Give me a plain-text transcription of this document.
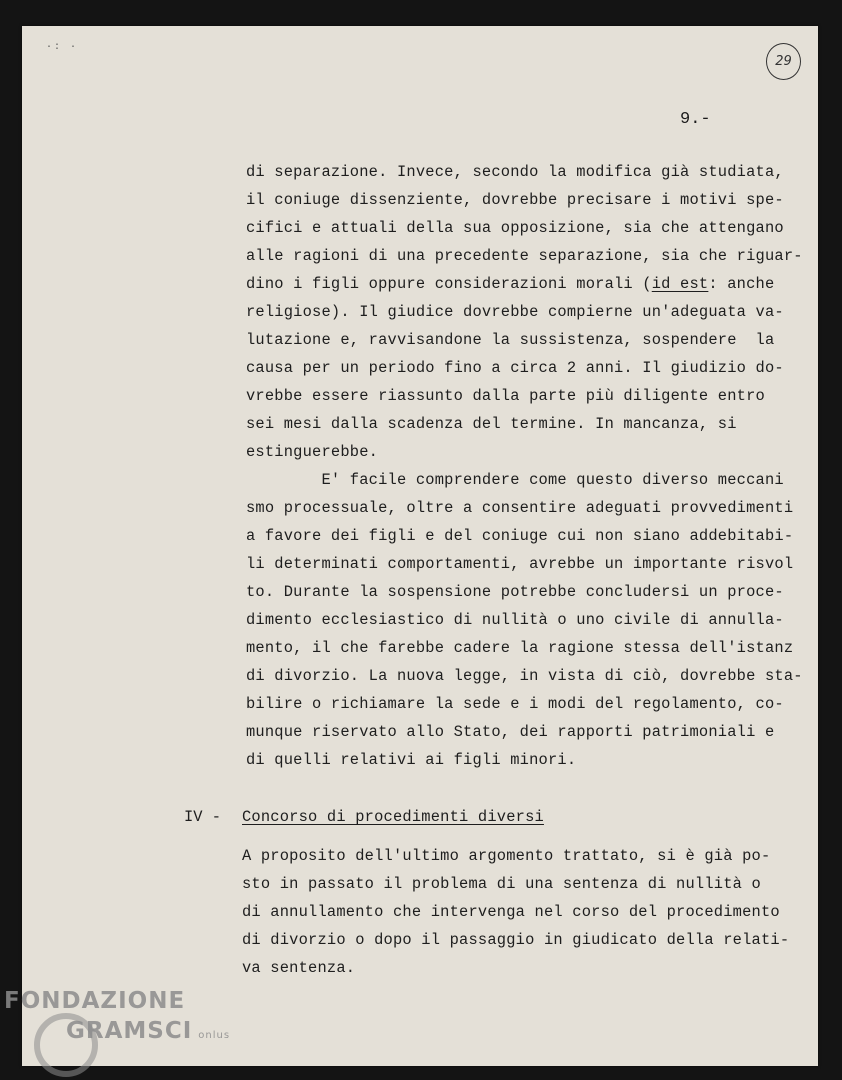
·: ·
29
9.-
di separazione. Invece, secondo la modifica già studiata,
il coniuge dissenziente, dovrebbe precisare i motivi spe-
cifici e attuali della sua opposizione, sia che attengano
alle ragioni di una precedente separazione, sia che riguar-
dino i figli oppure considerazioni morali (id est: anche
religiose). Il giudice dovrebbe compierne un'adeguata va-
lutazione e, ravvisandone la sussistenza, sospendere  la
causa per un periodo fino a circa 2 anni. Il giudizio do-
vrebbe essere riassunto dalla parte più diligente entro
sei mesi dalla scadenza del termine. In mancanza, si
estinguerebbe.
E' facile comprendere come questo diverso meccani
smo processuale, oltre a consentire adeguati provvedimenti
a favore dei figli e del coniuge cui non siano addebitabi-
li determinati comportamenti, avrebbe un importante risvol
to. Durante la sospensione potrebbe concludersi un proce-
dimento ecclesiastico di nullità o uno civile di annulla-
mento, il che farebbe cadere la ragione stessa dell'istanz
di divorzio. La nuova legge, in vista di ciò, dovrebbe sta-
bilire o richiamare la sede e i modi del regolamento, co-
munque riservato allo Stato, dei rapporti patrimoniali e
di quelli relativi ai figli minori.
IV - Concorso di procedimenti diversi
A proposito dell'ultimo argomento trattato, si è già po-
sto in passato il problema di una sentenza di nullità o
di annullamento che intervenga nel corso del procedimento
di divorzio o dopo il passaggio in giudicato della relati-
va sentenza.
FONDAZIONE
GRAMSCI onlus
